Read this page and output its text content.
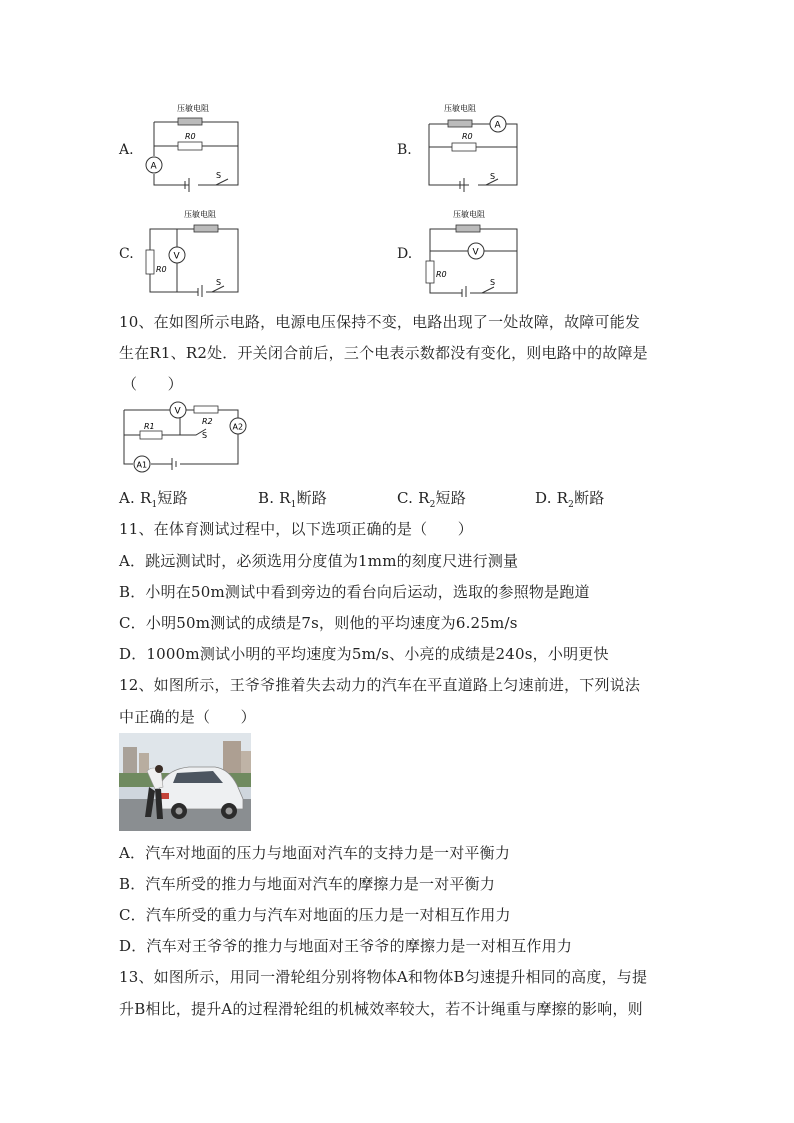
A.
压敏电阻
R0
A
S
B.
压敏电阻
A
R0
S
C.
压敏电阻
R0
V
S
D.
压敏电阻
R0
V
S
10、在如图所示电路，电源电压保持不变，电路出现了一处故障，故障可能发
生在R1、R2处．开关闭合前后，三个电表示数都没有变化，则电路中的故障是
（　　）
V
R2
R1
S
A2
A1
A. $R_1$短路	B. $R_1$断路	C. $R_2$短路	D. $R_2$断路
11、在体育测试过程中，以下选项正确的是（　　）
A．跳远测试时，必须选用分度值为1mm的刻度尺进行测量
B．小明在50m测试中看到旁边的看台向后运动，选取的参照物是跑道
C．小明50m测试的成绩是7s，则他的平均速度为6.25m/s
D．1000m测试小明的平均速度为5m/s、小亮的成绩是240s，小明更快
12、如图所示，王爷爷推着失去动力的汽车在平直道路上匀速前进，下列说法
中正确的是（　　）
A．汽车对地面的压力与地面对汽车的支持力是一对平衡力
B．汽车所受的推力与地面对汽车的摩擦力是一对平衡力
C．汽车所受的重力与汽车对地面的压力是一对相互作用力
D．汽车对王爷爷的推力与地面对王爷爷的摩擦力是一对相互作用力
13、如图所示，用同一滑轮组分别将物体A和物体B匀速提升相同的高度，与提
升B相比，提升A的过程滑轮组的机械效率较大，若不计绳重与摩擦的影响，则
